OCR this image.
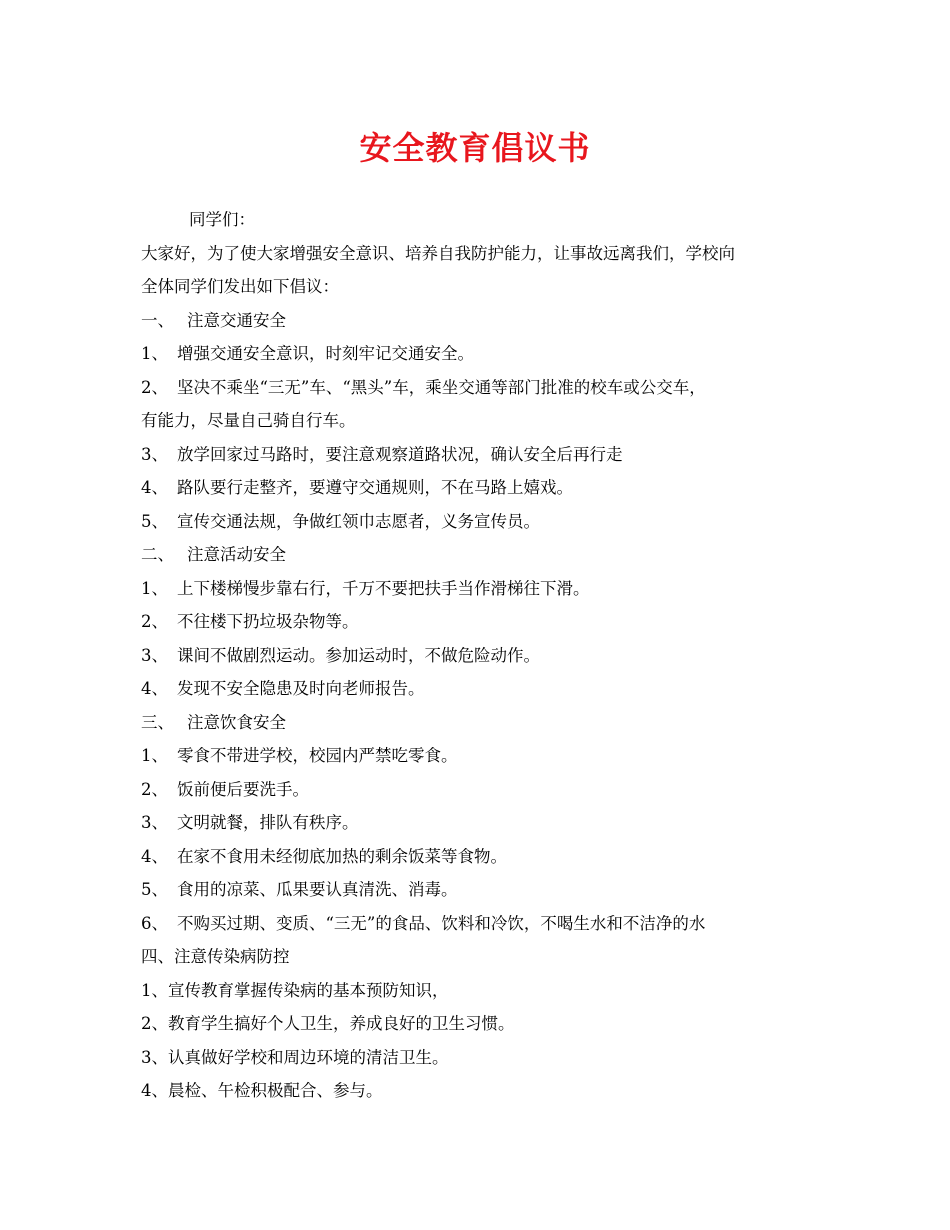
安全教育倡议书
同学们：
大家好，为了使大家增强安全意识、培养自我防护能力，让事故远离我们，学校向
全体同学们发出如下倡议：
一、 注意交通安全
1、 增强交通安全意识，时刻牢记交通安全。
2、 坚决不乘坐“三无”车、“黑头”车，乘坐交通等部门批准的校车或公交车，
有能力，尽量自己骑自行车。
3、 放学回家过马路时，要注意观察道路状况，确认安全后再行走
4、 路队要行走整齐，要遵守交通规则，不在马路上嬉戏。
5、 宣传交通法规，争做红领巾志愿者，义务宣传员。
二、 注意活动安全
1、 上下楼梯慢步靠右行，千万不要把扶手当作滑梯往下滑。
2、 不往楼下扔垃圾杂物等。
3、 课间不做剧烈运动。参加运动时，不做危险动作。
4、 发现不安全隐患及时向老师报告。
三、 注意饮食安全
1、 零食不带进学校，校园内严禁吃零食。
2、 饭前便后要洗手。
3、 文明就餐，排队有秩序。
4、 在家不食用未经彻底加热的剩余饭菜等食物。
5、 食用的凉菜、瓜果要认真清洗、消毒。
6、 不购买过期、变质、“三无”的食品、饮料和冷饮，不喝生水和不洁净的水
四、注意传染病防控
1、宣传教育掌握传染病的基本预防知识，
2、教育学生搞好个人卫生，养成良好的卫生习惯。
3、认真做好学校和周边环境的清洁卫生。
4、晨检、午检积极配合、参与。
